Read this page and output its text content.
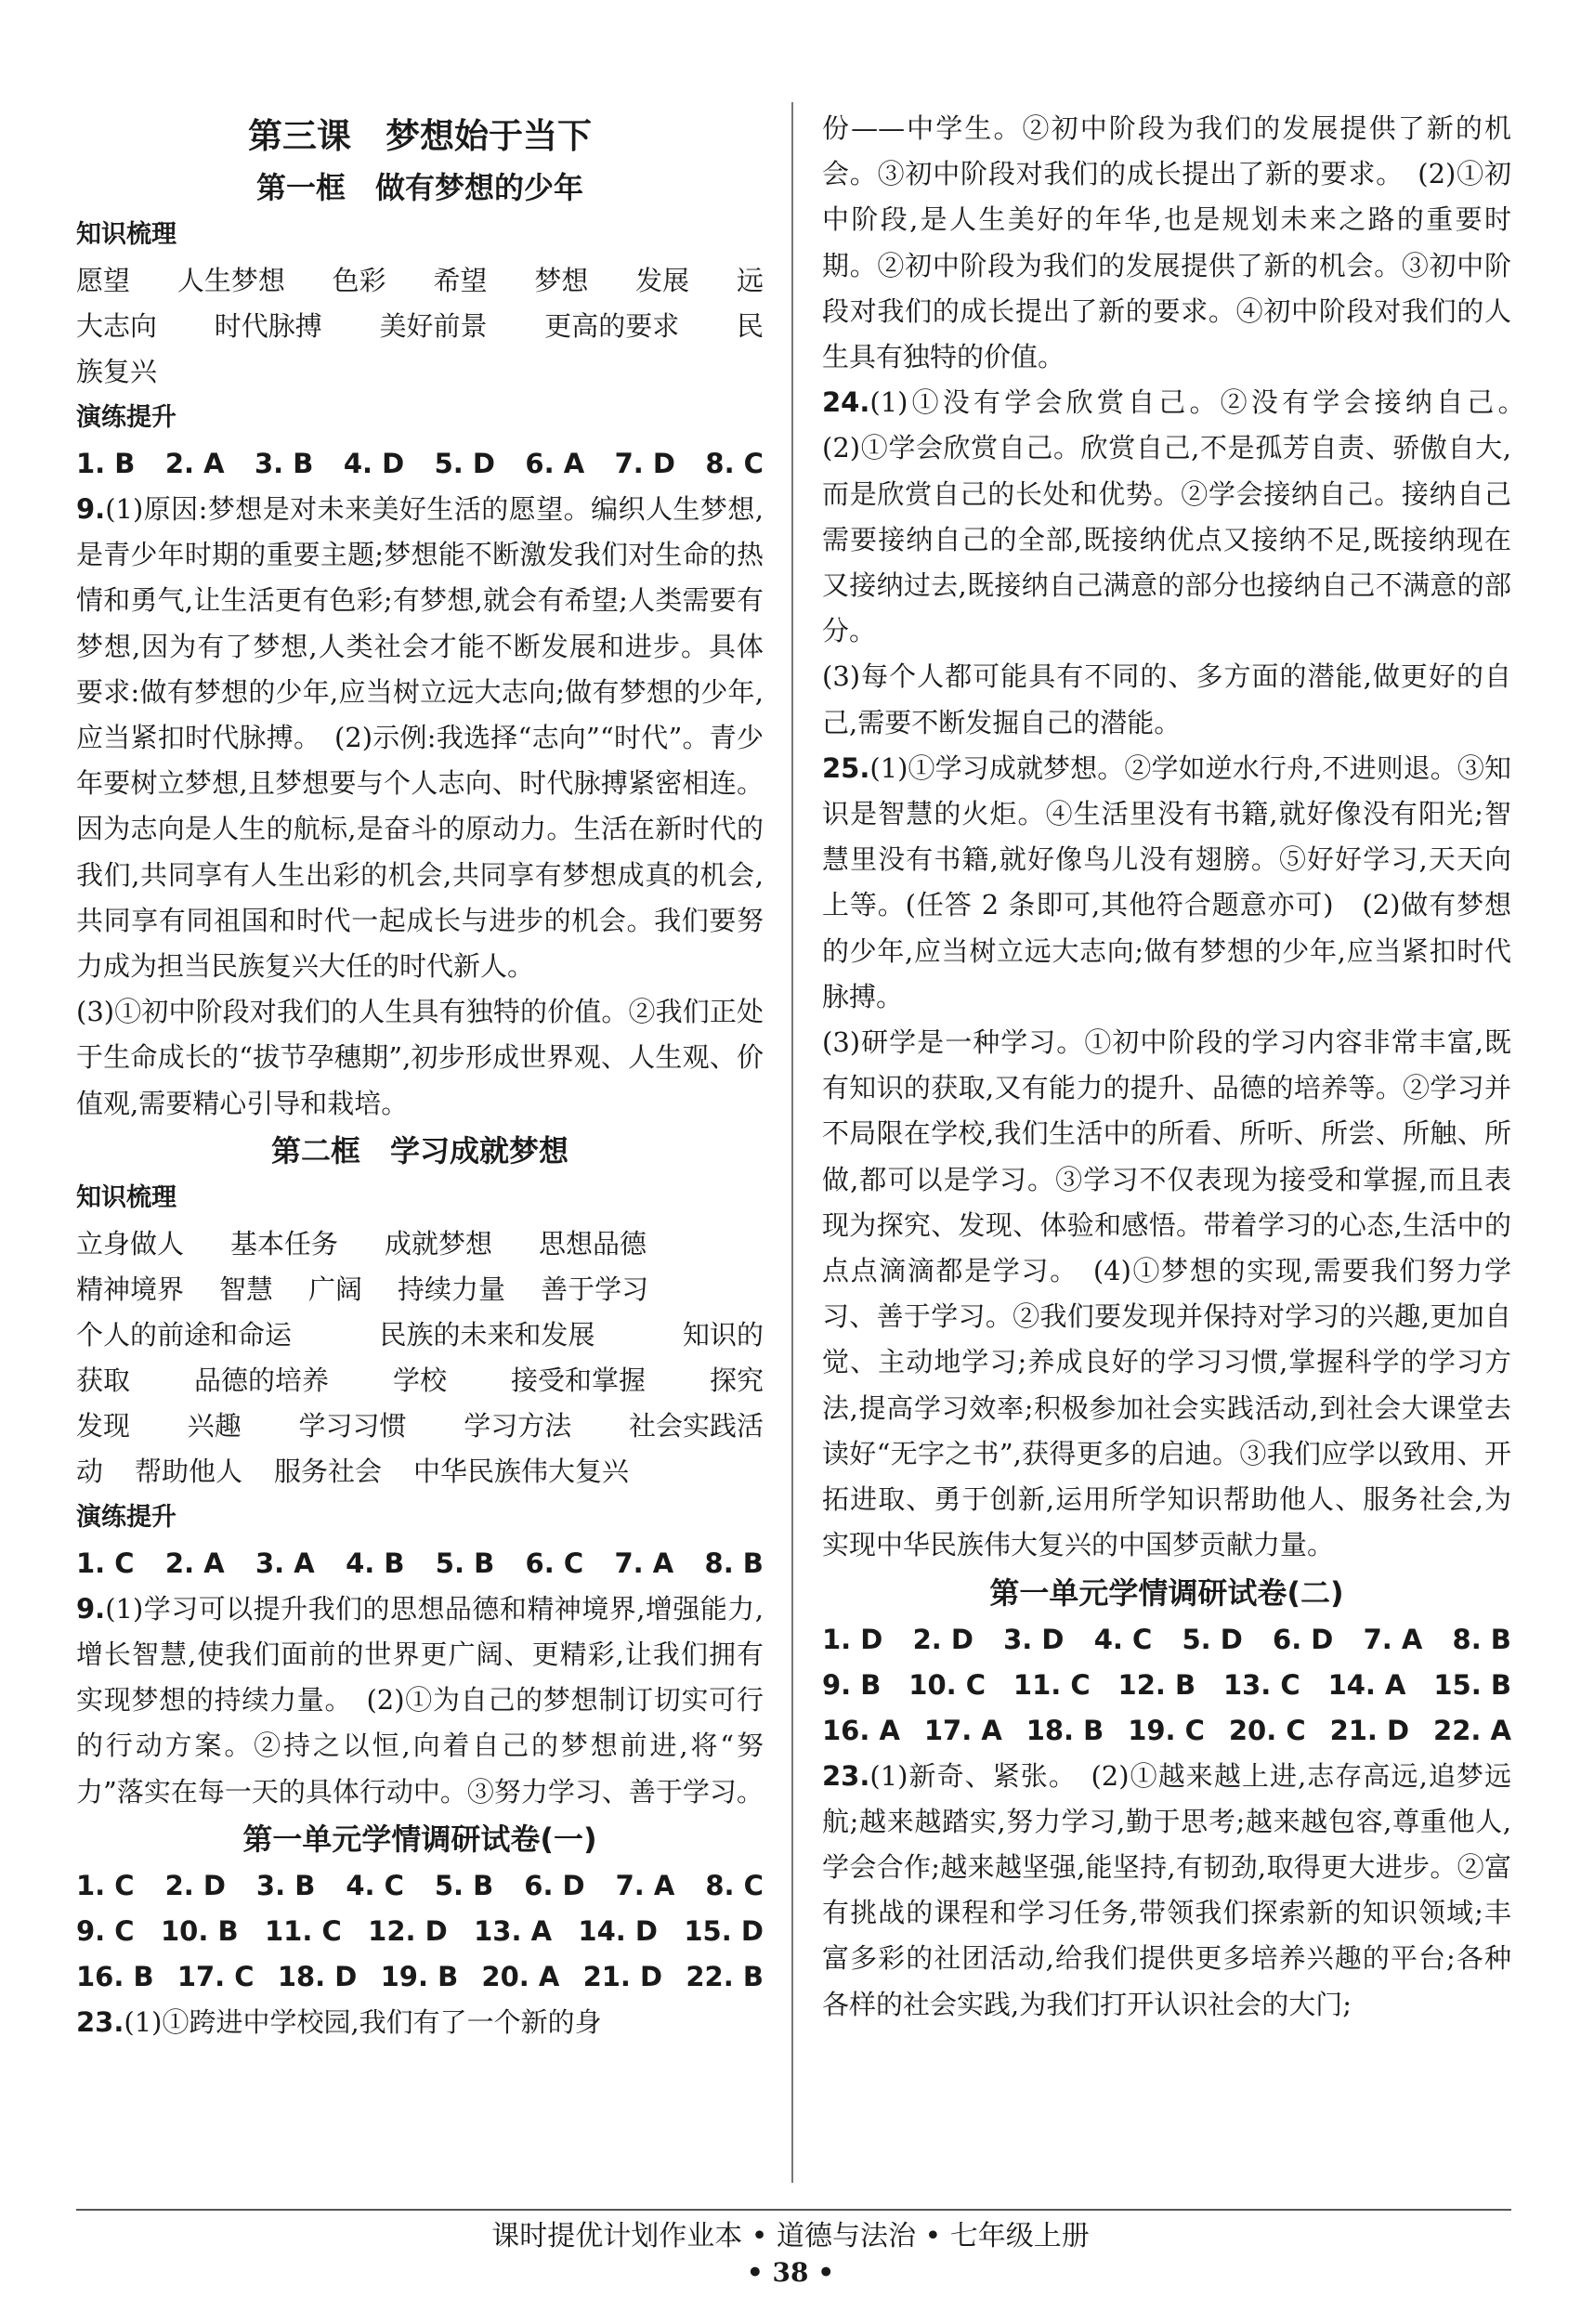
第三课　梦想始于当下
第一框　做有梦想的少年
知识梳理
愿望 人生梦想 色彩 希望 梦想 发展 远
大志向 时代脉搏 美好前景 更高的要求 民
族复兴
演练提升
1. B 2. A 3. B 4. D 5. D 6. A 7. D 8. C
9.(1)原因:梦想是对未来美好生活的愿望。编织人生梦想,是青少年时期的重要主题;梦想能不断激发我们对生命的热情和勇气,让生活更有色彩;有梦想,就会有希望;人类需要有梦想,因为有了梦想,人类社会才能不断发展和进步。具体要求:做有梦想的少年,应当树立远大志向;做有梦想的少年,应当紧扣时代脉搏。　(2)示例:我选择“志向”“时代”。青少年要树立梦想,且梦想要与个人志向、时代脉搏紧密相连。因为志向是人生的航标,是奋斗的原动力。生活在新时代的我们,共同享有人生出彩的机会,共同享有梦想成真的机会,共同享有同祖国和时代一起成长与进步的机会。我们要努力成为担当民族复兴大任的时代新人。
(3)①初中阶段对我们的人生具有独特的价值。②我们正处于生命成长的“拔节孕穗期”,初步形成世界观、人生观、价值观,需要精心引导和栽培。
第二框　学习成就梦想
知识梳理
立身做人 基本任务 成就梦想 思想品德
精神境界 智慧 广阔 持续力量 善于学习
个人的前途和命运	民族的未来和发展	知识的
获取 品德的培养 学校 接受和掌握 探究
发现 兴趣 学习习惯 学习方法 社会实践活
动 帮助他人 服务社会 中华民族伟大复兴
演练提升
1. C 2. A 3. A 4. B 5. B 6. C 7. A 8. B
9.(1)学习可以提升我们的思想品德和精神境界,增强能力,增长智慧,使我们面前的世界更广阔、更精彩,让我们拥有实现梦想的持续力量。　(2)①为自己的梦想制订切实可行的行动方案。②持之以恒,向着自己的梦想前进,将“努力”落实在每一天的具体行动中。③努力学习、善于学习。
第一单元学情调研试卷(一)
1. C 2. D 3. B 4. C 5. B 6. D 7. A 8. C
9. C 10. B 11. C 12. D 13. A 14. D 15. D
16. B 17. C 18. D 19. B 20. A 21. D 22. B
23.(1)①跨进中学校园,我们有了一个新的身
份——中学生。②初中阶段为我们的发展提供了新的机会。③初中阶段对我们的成长提出了新的要求。　(2)①初中阶段,是人生美好的年华,也是规划未来之路的重要时期。②初中阶段为我们的发展提供了新的机会。③初中阶段对我们的成长提出了新的要求。④初中阶段对我们的人生具有独特的价值。
24.(1)①没有学会欣赏自己。②没有学会接纳自己。　(2)①学会欣赏自己。欣赏自己,不是孤芳自责、骄傲自大,而是欣赏自己的长处和优势。②学会接纳自己。接纳自己需要接纳自己的全部,既接纳优点又接纳不足,既接纳现在又接纳过去,既接纳自己满意的部分也接纳自己不满意的部分。
(3)每个人都可能具有不同的、多方面的潜能,做更好的自己,需要不断发掘自己的潜能。
25.(1)①学习成就梦想。②学如逆水行舟,不进则退。③知识是智慧的火炬。④生活里没有书籍,就好像没有阳光;智慧里没有书籍,就好像鸟儿没有翅膀。⑤好好学习,天天向上等。(任答 2 条即可,其他符合题意亦可)　(2)做有梦想的少年,应当树立远大志向;做有梦想的少年,应当紧扣时代脉搏。
(3)研学是一种学习。①初中阶段的学习内容非常丰富,既有知识的获取,又有能力的提升、品德的培养等。②学习并不局限在学校,我们生活中的所看、所听、所尝、所触、所做,都可以是学习。③学习不仅表现为接受和掌握,而且表现为探究、发现、体验和感悟。带着学习的心态,生活中的点点滴滴都是学习。　(4)①梦想的实现,需要我们努力学习、善于学习。②我们要发现并保持对学习的兴趣,更加自觉、主动地学习;养成良好的学习习惯,掌握科学的学习方法,提高学习效率;积极参加社会实践活动,到社会大课堂去读好“无字之书”,获得更多的启迪。③我们应学以致用、开拓进取、勇于创新,运用所学知识帮助他人、服务社会,为实现中华民族伟大复兴的中国梦贡献力量。
第一单元学情调研试卷(二)
1. D 2. D 3. D 4. C 5. D 6. D 7. A 8. B
9. B 10. C 11. C 12. B 13. C 14. A 15. B
16. A 17. A 18. B 19. C 20. C 21. D 22. A
23.(1)新奇、紧张。　(2)①越来越上进,志存高远,追梦远航;越来越踏实,努力学习,勤于思考;越来越包容,尊重他人,学会合作;越来越坚强,能坚持,有韧劲,取得更大进步。②富有挑战的课程和学习任务,带领我们探索新的知识领域;丰富多彩的社团活动,给我们提供更多培养兴趣的平台;各种各样的社会实践,为我们打开认识社会的大门;
课时提优计划作业本 • 道德与法治 • 七年级上册
• 38 •
